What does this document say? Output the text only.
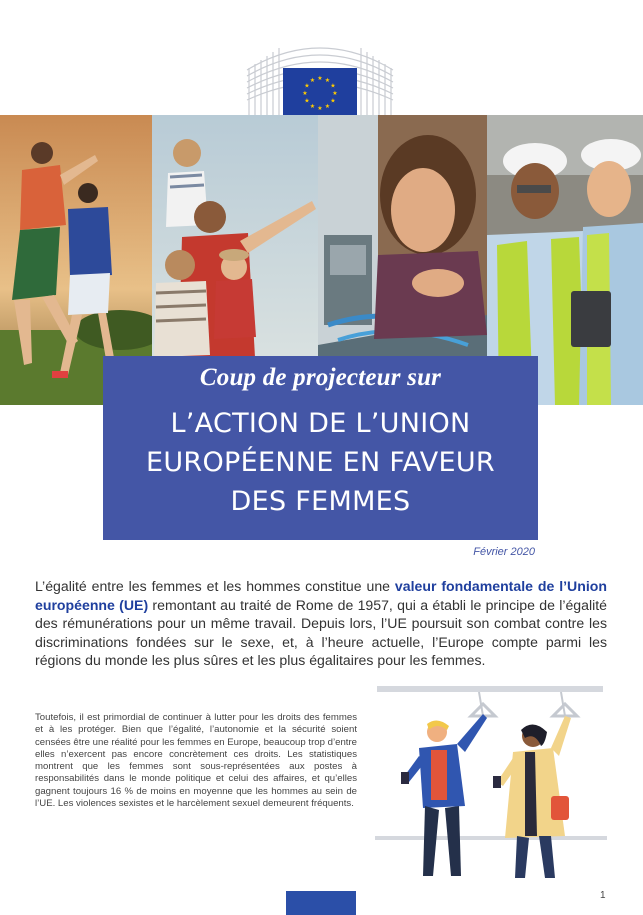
★ ★
★
★
★
★
★
★
★
★
★
★
Coup de projecteur sur
L’ACTION DE L’UNION
EUROPÉENNE EN FAVEUR
DES FEMMES
Février 2020

L’égalité entre les femmes et les hommes constitue une valeur fondamentale de l’Union européenne (UE) remontant au traité de Rome de 1957, qui a établi le principe de l’égalité des rémunérations pour un même travail. Depuis lors, l’UE poursuit son combat contre les discriminations fondées sur le sexe, et, à l’heure actuelle, l’Europe compte parmi les régions du monde les plus sûres et les plus égalitaires pour les femmes.

Toutefois, il est primordial de continuer à lutter pour les droits des femmes et à les protéger. Bien que l’égalité, l’autonomie et la sécurité soient censées être une réalité pour les femmes en Europe, beaucoup trop d’entre elles n’exercent pas encore concrètement ces droits. Les statistiques montrent que les femmes sont sous-représentées aux postes à responsabilités dans le monde politique et celui des affaires, et qu’elles gagnent toujours 16 % de moins en moyenne que les hommes au sein de l’UE. Les violences sexistes et le harcèlement sexuel demeurent fréquents.

1
